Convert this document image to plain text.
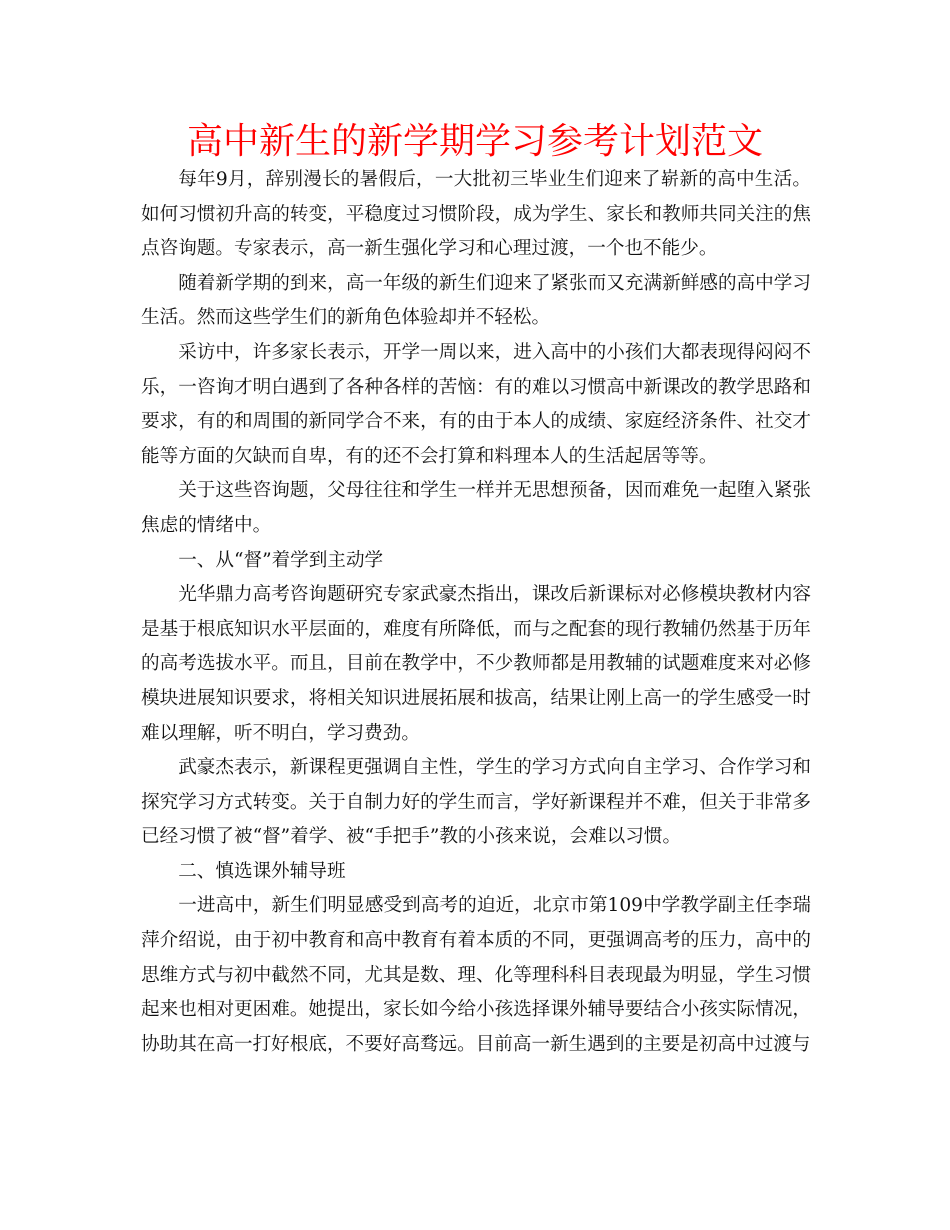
高中新生的新学期学习参考计划范文

每年9月，辞别漫长的暑假后，一大批初三毕业生们迎来了崭新的高中生活。如何习惯初升高的转变，平稳度过习惯阶段，成为学生、家长和教师共同关注的焦点咨询题。专家表示，高一新生强化学习和心理过渡，一个也不能少。

随着新学期的到来，高一年级的新生们迎来了紧张而又充满新鲜感的高中学习生活。然而这些学生们的新角色体验却并不轻松。

采访中，许多家长表示，开学一周以来，进入高中的小孩们大都表现得闷闷不乐，一咨询才明白遇到了各种各样的苦恼：有的难以习惯高中新课改的教学思路和要求，有的和周围的新同学合不来，有的由于本人的成绩、家庭经济条件、社交才能等方面的欠缺而自卑，有的还不会打算和料理本人的生活起居等等。

关于这些咨询题，父母往往和学生一样并无思想预备，因而难免一起堕入紧张焦虑的情绪中。

一、从“督”着学到主动学

光华鼎力高考咨询题研究专家武豪杰指出，课改后新课标对必修模块教材内容是基于根底知识水平层面的，难度有所降低，而与之配套的现行教辅仍然基于历年的高考选拔水平。而且，目前在教学中，不少教师都是用教辅的试题难度来对必修模块进展知识要求，将相关知识进展拓展和拔高，结果让刚上高一的学生感受一时难以理解，听不明白，学习费劲。

武豪杰表示，新课程更强调自主性，学生的学习方式向自主学习、合作学习和探究学习方式转变。关于自制力好的学生而言，学好新课程并不难，但关于非常多已经习惯了被“督”着学、被“手把手”教的小孩来说，会难以习惯。

二、慎选课外辅导班

一进高中，新生们明显感受到高考的迫近，北京市第109中学教学副主任李瑞萍介绍说，由于初中教育和高中教育有着本质的不同，更强调高考的压力，高中的思维方式与初中截然不同，尤其是数、理、化等理科科目表现最为明显，学生习惯起来也相对更困难。她提出，家长如今给小孩选择课外辅导要结合小孩实际情况，协助其在高一打好根底，不要好高骛远。目前高一新生遇到的主要是初高中过渡与
